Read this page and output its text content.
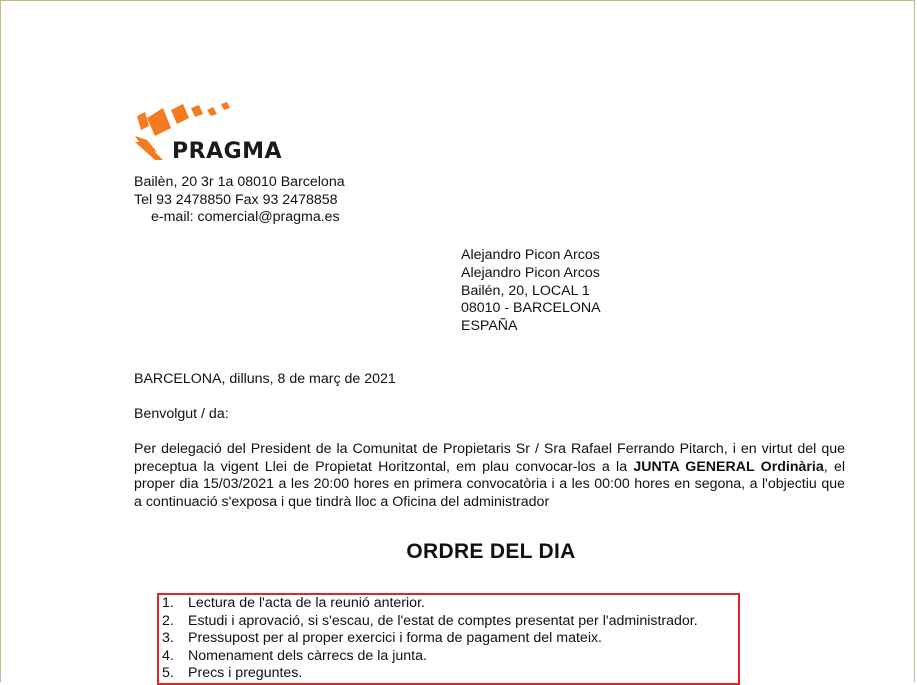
PRAGMA
Bailèn, 20 3r 1a 08010 Barcelona
Tel 93 2478850 Fax 93 2478858
e-mail: comercial@pragma.es
Alejandro Picon Arcos
Alejandro Picon Arcos
Bailén, 20, LOCAL 1
08010 - BARCELONA
ESPAÑA
BARCELONA, dilluns, 8 de març de 2021
Benvolgut / da:
Per delegació del President de la Comunitat de Propietaris Sr / Sra Rafael Ferrando Pitarch, i en virtut del que preceptua la vigent Llei de Propietat Horitzontal, em plau convocar-los a la JUNTA GENERAL Ordinària, el proper dia 15/03/2021 a les 20:00 hores en primera convocatòria i a les 00:00 hores en segona, a l'objectiu que a continuació s'exposa i que tindrà lloc a Oficina del administrador
ORDRE DEL DIA
1. Lectura de l'acta de la reunió anterior.
2. Estudi i aprovació, si s'escau, de l'estat de comptes presentat per l'administrador.
3. Pressupost per al proper exercici i forma de pagament del mateix.
4. Nomenament dels càrrecs de la junta.
5. Precs i preguntes.
